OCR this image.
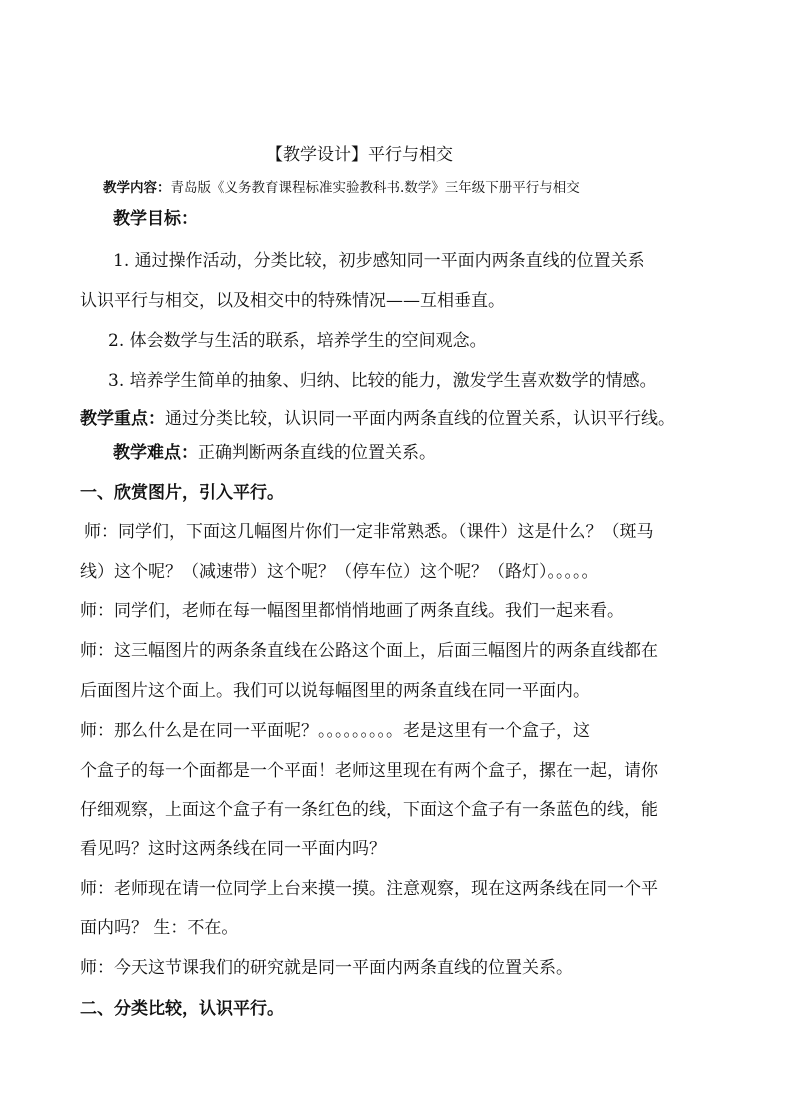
【教学设计】平行与相交
教学内容：青岛版《义务教育课程标准实验教科书.数学》三年级下册平行与相交
教学目标：
1. 通过操作活动，分类比较，初步感知同一平面内两条直线的位置关系
认识平行与相交，以及相交中的特殊情况——互相垂直。
2. 体会数学与生活的联系，培养学生的空间观念。
3. 培养学生简单的抽象、归纳、比较的能力，激发学生喜欢数学的情感。
教学重点：通过分类比较，认识同一平面内两条直线的位置关系，认识平行线。
教学难点：正确判断两条直线的位置关系。
一、欣赏图片，引入平行。
师：同学们，下面这几幅图片你们一定非常熟悉。（课件）这是什么？（斑马
线）这个呢？（减速带）这个呢？（停车位）这个呢？（路灯）。。。。。
师：同学们，老师在每一幅图里都悄悄地画了两条直线。我们一起来看。
师：这三幅图片的两条条直线在公路这个面上，后面三幅图片的两条直线都在
后面图片这个面上。我们可以说每幅图里的两条直线在同一平面内。
师：那么什么是在同一平面呢？。。。。。。。。。老是这里有一个盒子，这
个盒子的每一个面都是一个平面！老师这里现在有两个盒子，摞在一起，请你
仔细观察，上面这个盒子有一条红色的线，下面这个盒子有一条蓝色的线，能
看见吗？这时这两条线在同一平面内吗？
师：老师现在请一位同学上台来摸一摸。注意观察，现在这两条线在同一个平
面内吗？ 生：不在。
师：今天这节课我们的研究就是同一平面内两条直线的位置关系。
二、分类比较，认识平行。
